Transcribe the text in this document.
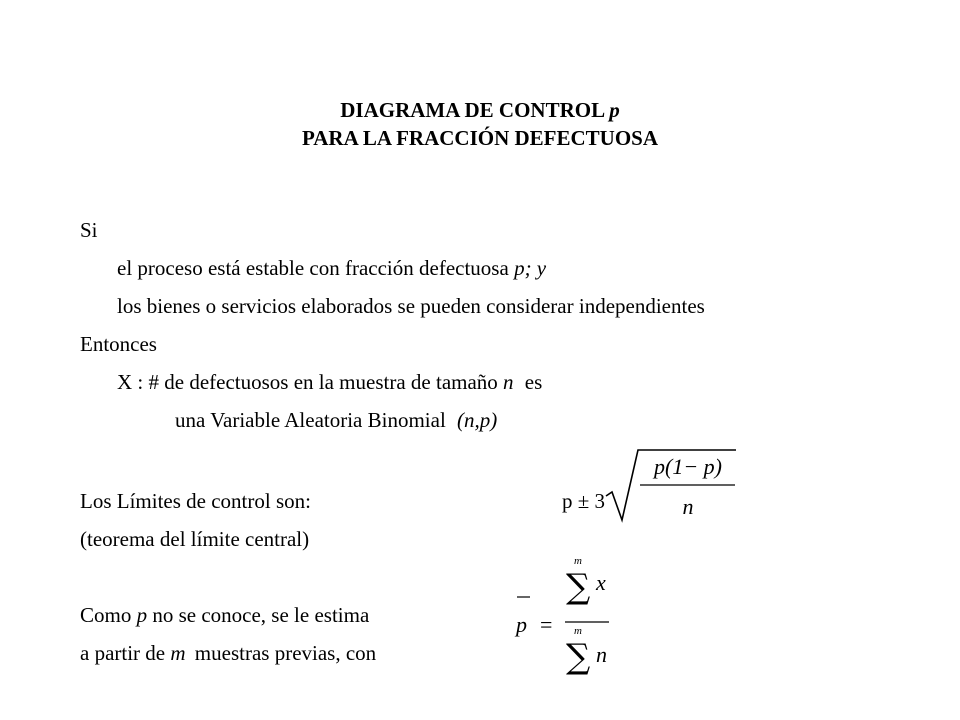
DIAGRAMA DE CONTROL p
PARA LA FRACCIÓN DEFECTUOSA
Si
el proceso está estable con fracción defectuosa p; y
los bienes o servicios elaborados se pueden considerar independientes
Entonces
X : # de defectuosos en la muestra de tamaño n es
una Variable Aleatoria Binomial (n,p)
Los Límites de control son:	p ± 3
p(1− p)
n
(teorema del límite central)
Como p no se conoce, se le estima
a partir de m muestras previas, con
p =
m
∑ x
m
∑ n
